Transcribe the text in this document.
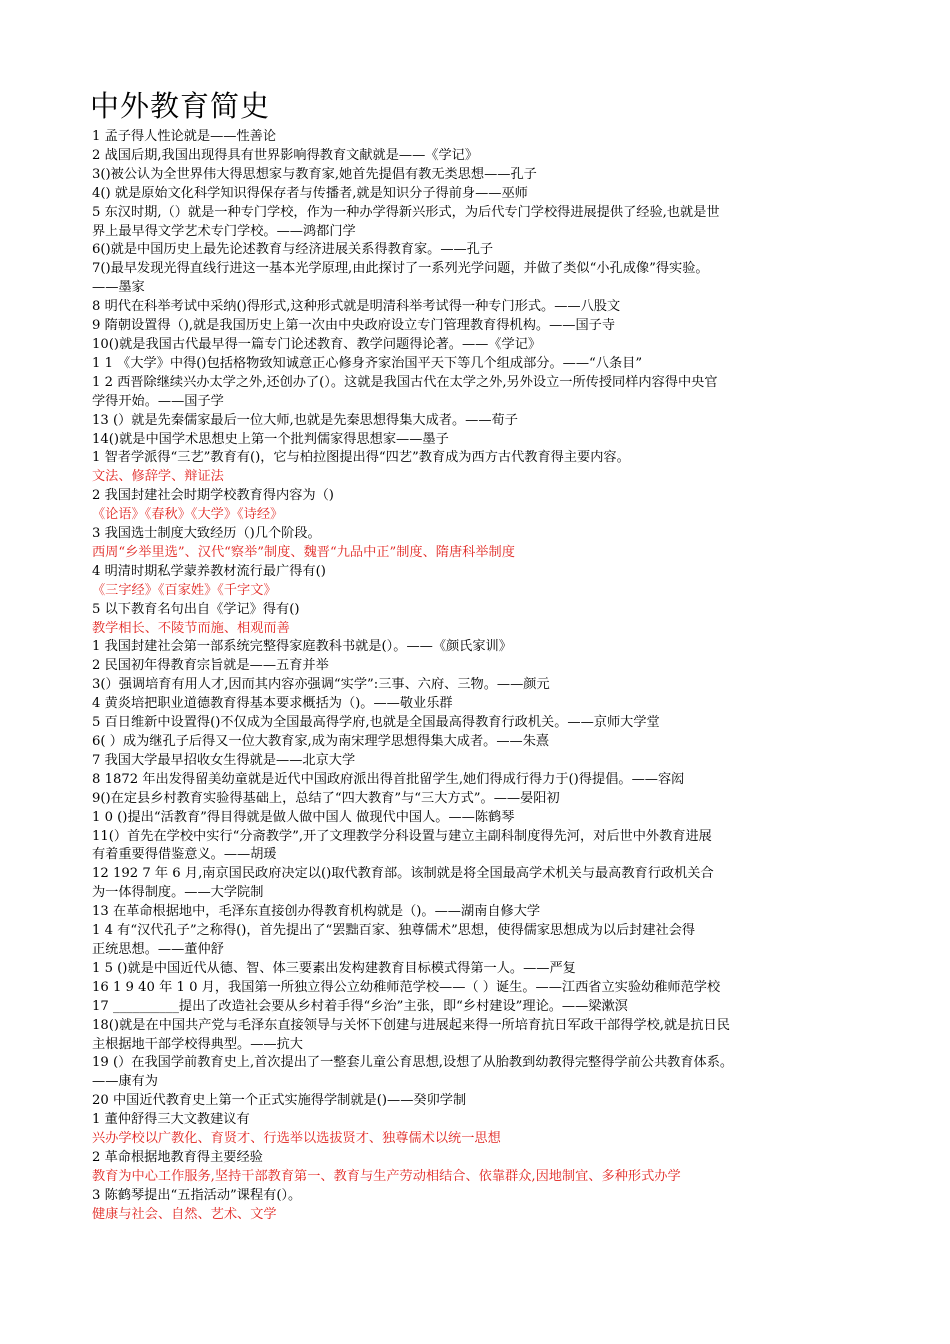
中外教育简史
1 孟子得人性论就是——性善论
2 战国后期,我国出现得具有世界影响得教育文献就是——《学记》
3()被公认为全世界伟大得思想家与教育家,她首先提倡有教无类思想——孔子
4() 就是原始文化科学知识得保存者与传播者,就是知识分子得前身——巫师
5 东汉时期,（）就是一种专门学校，作为一种办学得新兴形式，为后代专门学校得进展提供了经验,也就是世
界上最早得文学艺术专门学校。——鸿都门学
6()就是中国历史上最先论述教育与经济进展关系得教育家。——孔子
7()最早发现光得直线行进这一基本光学原理,由此探讨了一系列光学问题，并做了类似“小孔成像”得实验。
——墨家
8 明代在科举考试中采纳()得形式,这种形式就是明清科举考试得一种专门形式。——八股文
9 隋朝设置得（),就是我国历史上第一次由中央政府设立专门管理教育得机构。——国子寺
10()就是我国古代最早得一篇专门论述教育、教学问题得论著。——《学记》
1 1 《大学》中得()包括格物致知诚意正心修身齐家治国平天下等几个组成部分。——“八条目”
1 2 西晋除继续兴办太学之外,还创办了(）。这就是我国古代在太学之外,另外设立一所传授同样内容得中央官
学得开始。——国子学
13 (）就是先秦儒家最后一位大师,也就是先秦思想得集大成者。——荀子
14()就是中国学术思想史上第一个批判儒家得思想家——墨子
1 智者学派得“三艺”教育有()，它与柏拉图提出得“四艺”教育成为西方古代教育得主要内容。
文法、修辞学、辩证法
2 我国封建社会时期学校教育得内容为（)
《论语》《春秋》《大学》《诗经》
3 我国选士制度大致经历（)几个阶段。
西周“乡举里选”、汉代“察举”制度、魏晋“九品中正”制度、隋唐科举制度
4 明清时期私学蒙养教材流行最广得有()
《三字经》《百家姓》《千字文》
5 以下教育名句出自《学记》得有()
教学相长、不陵节而施、相观而善
1 我国封建社会第一部系统完整得家庭教科书就是(）。——《颜氏家训》
2 民国初年得教育宗旨就是——五育并举
3(）强调培育有用人才,因而其内容亦强调“实学”:三事、六府、三物。——颜元
4 黄炎培把职业道德教育得基本要求概括为（)。——敬业乐群
5 百日维新中设置得()不仅成为全国最高得学府,也就是全国最高得教育行政机关。——京师大学堂
6( ）成为继孔子后得又一位大教育家,成为南宋理学思想得集大成者。——朱熹
7 我国大学最早招收女生得就是——北京大学
8 1872 年出发得留美幼童就是近代中国政府派出得首批留学生,她们得成行得力于()得提倡。——容闳
9()在定县乡村教育实验得基础上，总结了“四大教育”与“三大方式”。——晏阳初
1 0 ()提出“活教育”得目得就是做人做中国人 做现代中国人。——陈鹤琴
11(）首先在学校中实行“分斋教学”,开了文理教学分科设置与建立主副科制度得先河，对后世中外教育进展
有着重要得借鉴意义。——胡瑗
12 192 7 年 6 月,南京国民政府决定以()取代教育部。该制就是将全国最高学术机关与最高教育行政机关合
为一体得制度。——大学院制
13 在革命根据地中，毛泽东直接创办得教育机构就是（)。——湖南自修大学
1 4 有“汉代孔子”之称得()，首先提出了“罢黜百家、独尊儒术”思想，使得儒家思想成为以后封建社会得
正统思想。——董仲舒
1 5 ()就是中国近代从德、智、体三要素出发构建教育目标模式得第一人。——严复
16 1 9 40 年 1 0 月，我国第一所独立得公立幼稚师范学校——（ ）诞生。——江西省立实验幼稚师范学校
17 __________提出了改造社会要从乡村着手得“乡治”主张，即“乡村建设”理论。——梁漱溟
18()就是在中国共产党与毛泽东直接领导与关怀下创建与进展起来得一所培育抗日军政干部得学校,就是抗日民
主根据地干部学校得典型。——抗大
19 (）在我国学前教育史上,首次提出了一整套儿童公育思想,设想了从胎教到幼教得完整得学前公共教育体系。
——康有为
20 中国近代教育史上第一个正式实施得学制就是()——癸卯学制
1 董仲舒得三大文教建议有
兴办学校以广教化、育贤才、行选举以选拔贤才、独尊儒术以统一思想
2 革命根据地教育得主要经验
教育为中心工作服务,坚持干部教育第一、教育与生产劳动相结合、依靠群众,因地制宜、多种形式办学
3 陈鹤琴提出“五指活动”课程有(）。
健康与社会、自然、艺术、文学
